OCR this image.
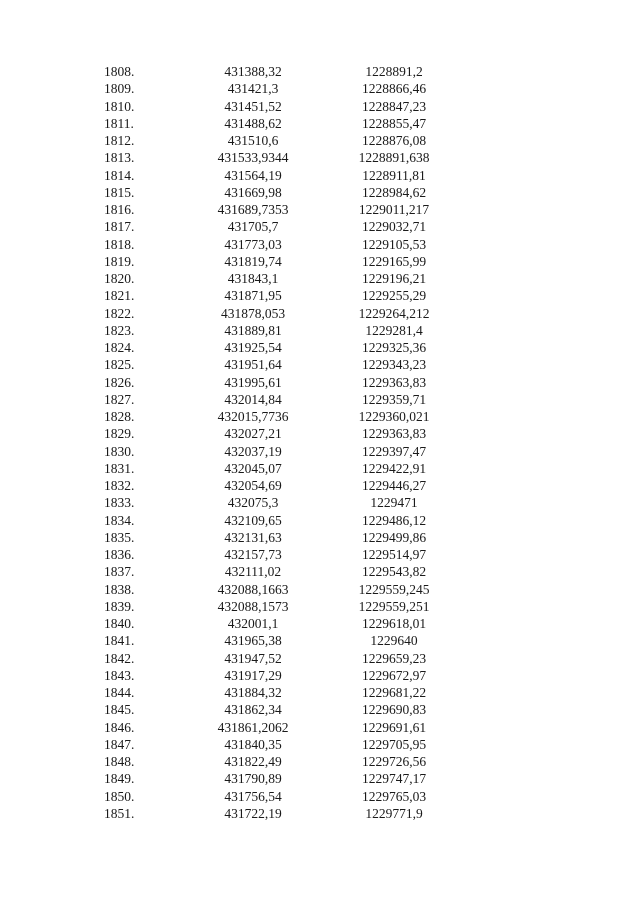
1808.	431388,32	1228891,2
1809.	431421,3	1228866,46
1810.	431451,52	1228847,23
1811.	431488,62	1228855,47
1812.	431510,6	1228876,08
1813.	431533,9344	1228891,638
1814.	431564,19	1228911,81
1815.	431669,98	1228984,62
1816.	431689,7353	1229011,217
1817.	431705,7	1229032,71
1818.	431773,03	1229105,53
1819.	431819,74	1229165,99
1820.	431843,1	1229196,21
1821.	431871,95	1229255,29
1822.	431878,053	1229264,212
1823.	431889,81	1229281,4
1824.	431925,54	1229325,36
1825.	431951,64	1229343,23
1826.	431995,61	1229363,83
1827.	432014,84	1229359,71
1828.	432015,7736	1229360,021
1829.	432027,21	1229363,83
1830.	432037,19	1229397,47
1831.	432045,07	1229422,91
1832.	432054,69	1229446,27
1833.	432075,3	1229471
1834.	432109,65	1229486,12
1835.	432131,63	1229499,86
1836.	432157,73	1229514,97
1837.	432111,02	1229543,82
1838.	432088,1663	1229559,245
1839.	432088,1573	1229559,251
1840.	432001,1	1229618,01
1841.	431965,38	1229640
1842.	431947,52	1229659,23
1843.	431917,29	1229672,97
1844.	431884,32	1229681,22
1845.	431862,34	1229690,83
1846.	431861,2062	1229691,61
1847.	431840,35	1229705,95
1848.	431822,49	1229726,56
1849.	431790,89	1229747,17
1850.	431756,54	1229765,03
1851.	431722,19	1229771,9
